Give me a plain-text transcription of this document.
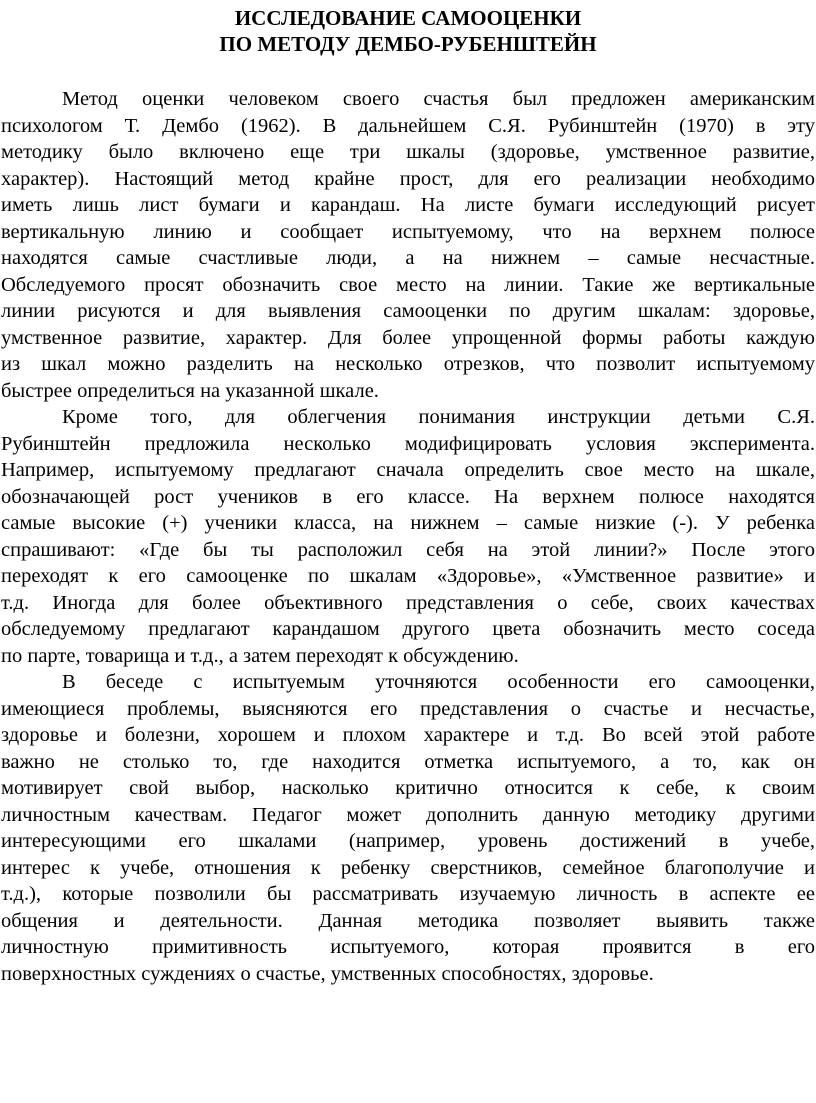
ИССЛЕДОВАНИЕ САМООЦЕНКИ
ПО МЕТОДУ ДЕМБО-РУБЕНШТЕЙН
Метод оценки человеком своего счастья был предложен американским
психологом Т. Дембо (1962). В дальнейшем С.Я. Рубинштейн (1970) в эту
методику было включено еще три шкалы (здоровье, умственное развитие,
характер). Настоящий метод крайне прост, для его реализации необходимо
иметь лишь лист бумаги и карандаш. На листе бумаги исследующий рисует
вертикальную линию и сообщает испытуемому, что на верхнем полюсе
находятся самые счастливые люди, а на нижнем – самые несчастные.
Обследуемого просят обозначить свое место на линии. Такие же вертикальные
линии рисуются и для выявления самооценки по другим шкалам: здоровье,
умственное развитие, характер. Для более упрощенной формы работы каждую
из шкал можно разделить на несколько отрезков, что позволит испытуемому
быстрее определиться на указанной шкале.
Кроме того, для облегчения понимания инструкции детьми С.Я.
Рубинштейн предложила несколько модифицировать условия эксперимента.
Например, испытуемому предлагают сначала определить свое место на шкале,
обозначающей рост учеников в его классе. На верхнем полюсе находятся
самые высокие (+) ученики класса, на нижнем – самые низкие (-). У ребенка
спрашивают: «Где бы ты расположил себя на этой линии?» После этого
переходят к его самооценке по шкалам «Здоровье», «Умственное развитие» и
т.д. Иногда для более объективного представления о себе, своих качествах
обследуемому предлагают карандашом другого цвета обозначить место соседа
по парте, товарища и т.д., а затем переходят к обсуждению.
В беседе с испытуемым уточняются особенности его самооценки,
имеющиеся проблемы, выясняются его представления о счастье и несчастье,
здоровье и болезни, хорошем и плохом характере и т.д. Во всей этой работе
важно не столько то, где находится отметка испытуемого, а то, как он
мотивирует свой выбор, насколько критично относится к себе, к своим
личностным качествам. Педагог может дополнить данную методику другими
интересующими его шкалами (например, уровень достижений в учебе,
интерес к учебе, отношения к ребенку сверстников, семейное благополучие и
т.д.), которые позволили бы рассматривать изучаемую личность в аспекте ее
общения и деятельности. Данная методика позволяет выявить также
личностную примитивность испытуемого, которая проявится в его
поверхностных суждениях о счастье, умственных способностях, здоровье.
